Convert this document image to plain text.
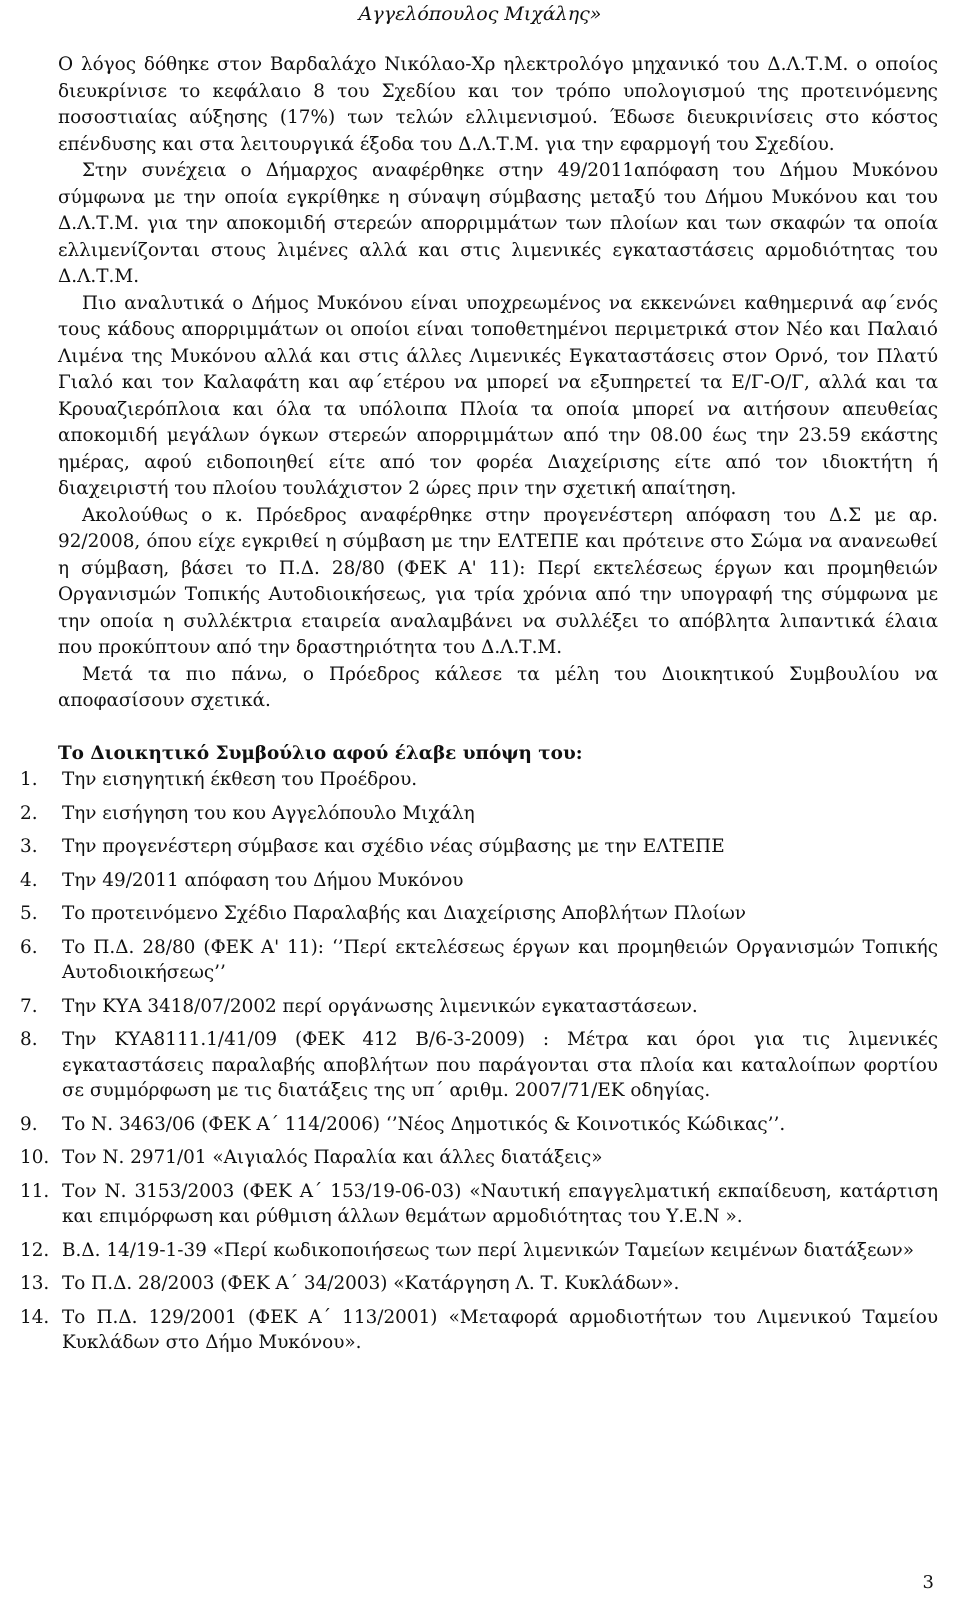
Αγγελόπουλος Μιχάλης»

Ο λόγος δόθηκε στον Βαρδαλάχο Νικόλαο-Χρ ηλεκτρολόγο μηχανικό του Δ.Λ.Τ.Μ. ο οποίος διευκρίνισε το κεφάλαιο 8 του Σχεδίου και τον τρόπο υπολογισμού της προτεινόμενης ποσοστιαίας αύξησης (17%) των τελών ελλιμενισμού. Έδωσε διευκρινίσεις στο κόστος επένδυσης και στα λειτουργικά έξοδα του Δ.Λ.Τ.Μ. για την εφαρμογή του Σχεδίου.

Στην συνέχεια ο Δήμαρχος αναφέρθηκε στην 49/2011απόφαση του Δήμου Μυκόνου σύμφωνα με την οποία εγκρίθηκε η σύναψη σύμβασης μεταξύ του Δήμου Μυκόνου και του Δ.Λ.Τ.Μ. για την αποκομιδή στερεών απορριμμάτων των πλοίων και των σκαφών τα οποία ελλιμενίζονται στους λιμένες αλλά και στις λιμενικές εγκαταστάσεις αρμοδιότητας του Δ.Λ.Τ.Μ.

Πιο αναλυτικά ο Δήμος Μυκόνου είναι υποχρεωμένος να εκκενώνει καθημερινά αφ΄ενός τους κάδους απορριμμάτων οι οποίοι είναι τοποθετημένοι περιμετρικά στον Νέο και Παλαιό Λιμένα της Μυκόνου αλλά και στις άλλες Λιμενικές Εγκαταστάσεις στον Ορνό, τον Πλατύ Γιαλό και τον Καλαφάτη και αφ΄ετέρου να μπορεί να εξυπηρετεί τα Ε/Γ-Ο/Γ, αλλά και τα Κρουαζιερόπλοια και όλα τα υπόλοιπα Πλοία τα οποία μπορεί να αιτήσουν απευθείας αποκομιδή μεγάλων όγκων στερεών απορριμμάτων από την 08.00 έως την 23.59 εκάστης ημέρας, αφού ειδοποιηθεί είτε από τον φορέα Διαχείρισης είτε από τον ιδιοκτήτη ή διαχειριστή του πλοίου τουλάχιστον 2 ώρες πριν την σχετική απαίτηση.

Ακολούθως ο κ. Πρόεδρος αναφέρθηκε στην προγενέστερη απόφαση του Δ.Σ με αρ. 92/2008, όπου είχε εγκριθεί η σύμβαση με την ΕΛΤΕΠΕ και πρότεινε στο Σώμα να ανανεωθεί η σύμβαση, βάσει το Π.Δ. 28/80 (ΦΕΚ Α' 11): Περί εκτελέσεως έργων και προμηθειών Οργανισμών Τοπικής Αυτοδιοικήσεως, για τρία χρόνια από την υπογραφή της σύμφωνα με την οποία η συλλέκτρια εταιρεία αναλαμβάνει να συλλέξει το απόβλητα λιπαντικά έλαια που προκύπτουν από την δραστηριότητα του Δ.Λ.Τ.Μ.

Μετά τα πιο πάνω, ο Πρόεδρος κάλεσε τα μέλη του Διοικητικού Συμβουλίου να αποφασίσουν σχετικά.

Το Διοικητικό Συμβούλιο αφού έλαβε υπόψη του:

1.	Την εισηγητική έκθεση του Προέδρου.
2.	Την εισήγηση του κου Αγγελόπουλο Μιχάλη
3.	Την προγενέστερη σύμβασε και σχέδιο νέας σύμβασης με την ΕΛΤΕΠΕ
4.	Την 49/2011 απόφαση του Δήμου Μυκόνου
5.	Το προτεινόμενο Σχέδιο Παραλαβής και Διαχείρισης Αποβλήτων Πλοίων
6.	Το Π.Δ. 28/80 (ΦΕΚ Α' 11): ‘’Περί εκτελέσεως έργων και προμηθειών Οργανισμών Τοπικής Αυτοδιοικήσεως’’
7.	Την ΚΥΑ 3418/07/2002 περί οργάνωσης λιμενικών εγκαταστάσεων.
8.	Την ΚΥΑ8111.1/41/09 (ΦΕΚ 412 Β/6-3-2009) : Μέτρα και όροι για τις λιμενικές εγκαταστάσεις παραλαβής αποβλήτων που παράγονται στα πλοία και καταλοίπων φορτίου σε συμμόρφωση με τις διατάξεις της υπ΄ αριθμ. 2007/71/ΕΚ οδηγίας.
9.	Το Ν. 3463/06 (ΦΕΚ Α΄ 114/2006) ‘’Νέος Δημοτικός & Κοινοτικός Κώδικας’’.
10. Τον Ν. 2971/01 «Αιγιαλός Παραλία και άλλες διατάξεις»
11. Τον Ν. 3153/2003 (ΦΕΚ Α΄ 153/19-06-03) «Ναυτική επαγγελματική εκπαίδευση, κατάρτιση και επιμόρφωση και ρύθμιση άλλων θεμάτων αρμοδιότητας του Υ.Ε.Ν ».
12. Β.Δ. 14/19-1-39 «Περί κωδικοποιήσεως των περί λιμενικών Ταμείων κειμένων διατάξεων»
13. Το Π.Δ. 28/2003 (ΦΕΚ Α΄ 34/2003) «Κατάργηση Λ. Τ. Κυκλάδων».
14. Το Π.Δ. 129/2001 (ΦΕΚ Α΄ 113/2001) «Μεταφορά αρμοδιοτήτων του Λιμενικού Ταμείου Κυκλάδων στο Δήμο Μυκόνου».
3
